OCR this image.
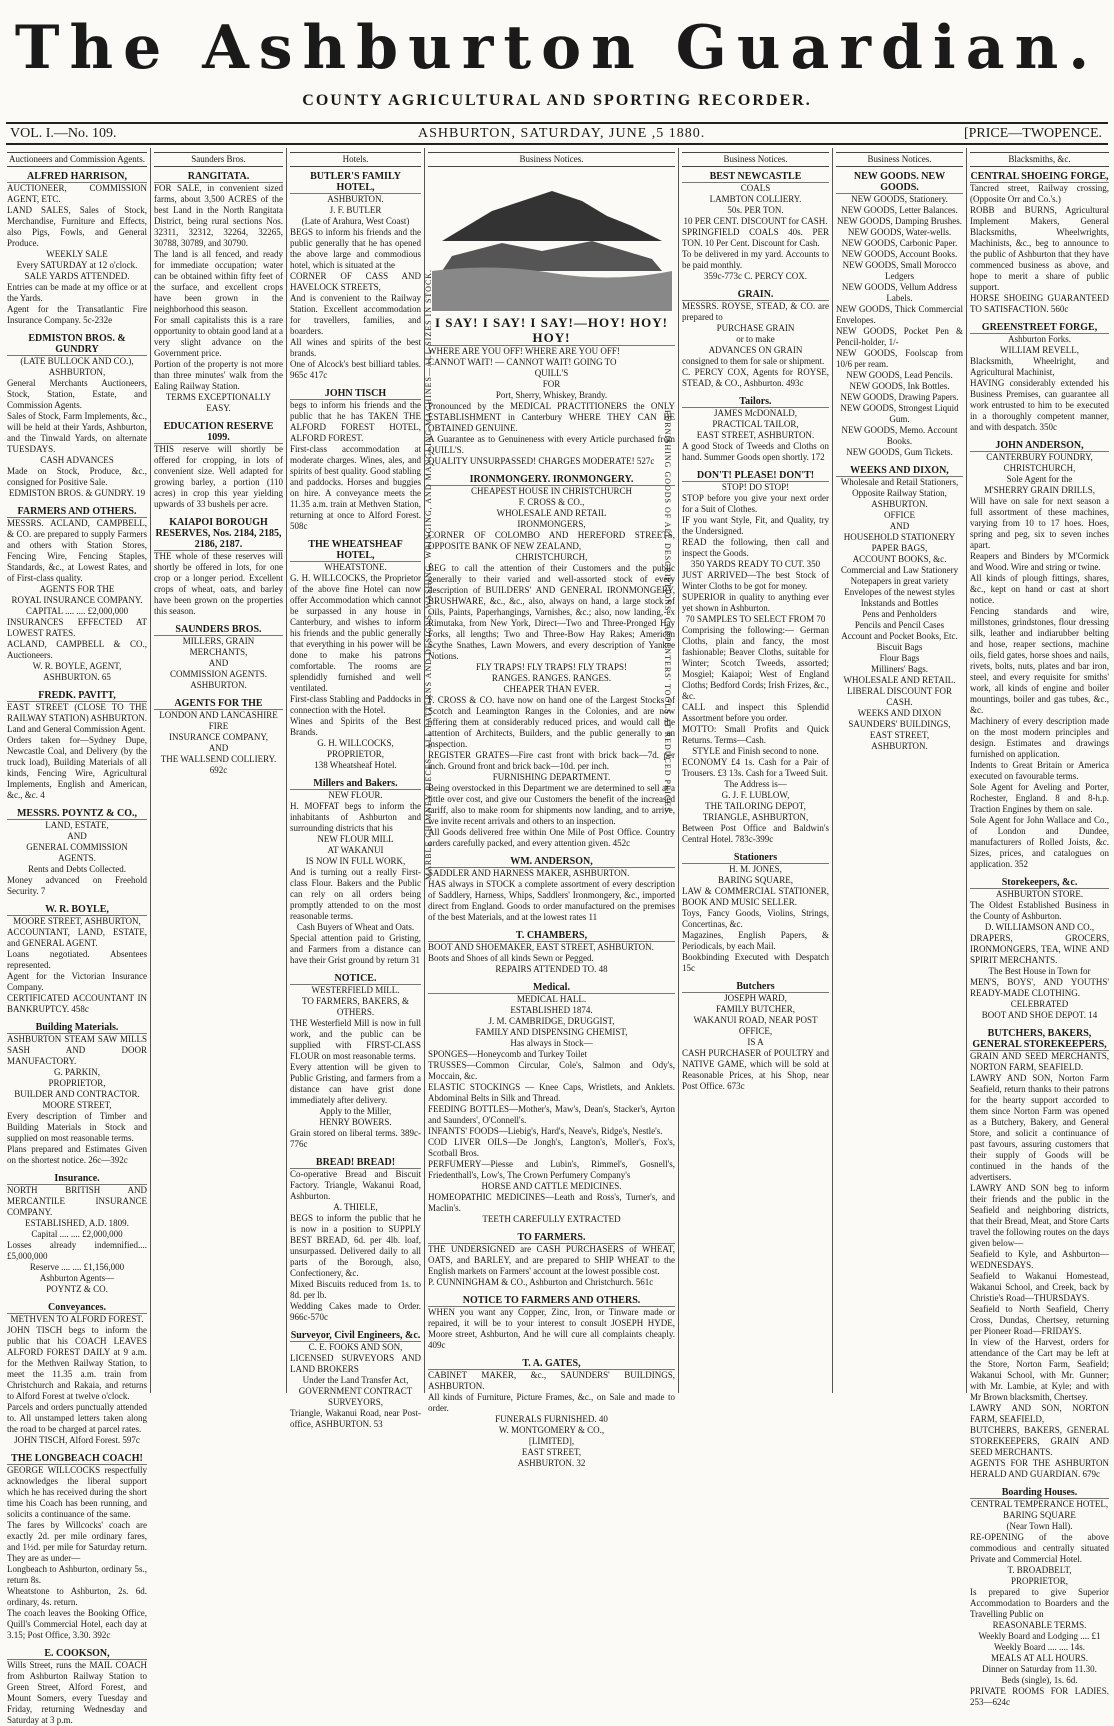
The Ashburton Guardian.
COUNTY AGRICULTURAL AND SPORTING RECORDER.
VOL. I.—No. 109.	ASHBURTON, SATURDAY, JUNE ,5 1880.	[PRICE—TWOPENCE.
Auctioneers and Commission Agents.
ALFRED HARRISON,

AUCTIONEER, COMMISSION AGENT, ETC.

LAND SALES, Sales of Stock, Merchandise, Furniture and Effects, also Pigs, Fowls, and General Produce.

WEEKLY SALE

Every SATURDAY at 12 o'clock.

SALE YARDS ATTENDED.

Entries can be made at my office or at the Yards.

Agent for the Transatlantic Fire Insurance Company. 5c-232e

EDMISTON BROS. & GUNDRY

(LATE BULLOCK AND CO.),

ASHBURTON,

General Merchants Auctioneers, Stock, Station, Estate, and Commission Agents.

Sales of Stock, Farm Implements, &c., will be held at their Yards, Ashburton, and the Tinwald Yards, on alternate TUESDAYS.

CASH ADVANCES

Made on Stock, Produce, &c., consigned for Positive Sale.

EDMISTON BROS. & GUNDRY. 19

FARMERS AND OTHERS.

MESSRS. ACLAND, CAMPBELL, & CO. are prepared to supply Farmers and others with Station Stores, Fencing Wire, Fencing Staples, Standards, &c., at Lowest Rates, and of First-class quality.

AGENTS FOR THE

ROYAL INSURANCE COMPANY.

CAPITAL .... .... £2,000,000

INSURANCES EFFECTED AT LOWEST RATES.

ACLAND, CAMPBELL & CO., Auctioneers.

W. R. BOYLE, AGENT, ASHBURTON. 65

FREDK. PAVITT,

EAST STREET (CLOSE TO THE RAILWAY STATION) ASHBURTON.

Land and General Commission Agent.

Orders taken for—Sydney Dupe, Newcastle Coal, and Delivery (by the truck load), Building Materials of all kinds, Fencing Wire, Agricultural Implements, English and American, &c., &c. 4

MESSRS. POYNTZ & CO.,

LAND, ESTATE,

AND

GENERAL COMMISSION AGENTS.

Rents and Debts Collected.

Money advanced on Freehold Security. 7

W. R. BOYLE,

MOORE STREET, ASHBURTON,

ACCOUNTANT, LAND, ESTATE, and GENERAL AGENT.

Loans negotiated. Absentees represented.

Agent for the Victorian Insurance Company.

CERTIFICATED ACCOUNTANT IN BANKRUPTCY. 458c

Building Materials.

ASHBURTON STEAM SAW MILLS SASH AND DOOR MANUFACTORY.

G. PARKIN,

PROPRIETOR,

BUILDER AND CONTRACTOR.

MOORE STREET,

Every description of Timber and Building Materials in Stock and supplied on most reasonable terms.

Plans prepared and Estimates Given on the shortest notice. 26c—392c

Insurance.

NORTH BRITISH AND MERCANTILE INSURANCE COMPANY.

ESTABLISHED, A.D. 1809.

Capital .... .... £2,000,000

Losses already indemnified.... £5,000,000

Reserve .... .... £1,156,000

Ashburton Agents—

POYNTZ & CO.

Conveyances.

METHVEN TO ALFORD FOREST.

JOHN TISCH begs to inform the public that his COACH LEAVES ALFORD FOREST DAILY at 9 a.m. for the Methven Railway Station, to meet the 11.35 a.m. train from Christchurch and Rakaia, and returns to Alford Forest at twelve o'clock.

Parcels and orders punctually attended to. All unstamped letters taken along the road to be charged at parcel rates.

JOHN TISCH, Alford Forest. 597c

THE LONGBEACH COACH!

GEORGE WILLCOCKS respectfully acknowledges the liberal support which he has received during the short time his Coach has been running, and solicits a continuance of the same.

The fares by Willcocks' coach are exactly 2d. per mile ordinary fares, and 1½d. per mile for Saturday return. They are as under—

Longbeach to Ashburton, ordinary 5s., return 8s.

Wheatstone to Ashburton, 2s. 6d. ordinary, 4s. return.

The coach leaves the Booking Office, Quill's Commercial Hotel, each day at 3.15; Post Office, 3.30. 392c

E. COOKSON,

Wills Street, runs the MAIL COACH from Ashburton Railway Station to Green Street, Alford Forest, and Mount Somers, every Tuesday and Friday, returning Wednesday and Saturday at 3 p.m.

Saunders Bros.
RANGITATA.

FOR SALE, in convenient sized farms, about 3,500 ACRES of the best Land in the North Rangitata District, being rural sections Nos. 32311, 32312, 32264, 32265, 30788, 30789, and 30790.

The land is all fenced, and ready for immediate occupation; water can be obtained within fifty feet of the surface, and excellent crops have been grown in the neighborhood this season.

For small capitalists this is a rare opportunity to obtain good land at a very slight advance on the Government price.

Portion of the property is not more than three minutes' walk from the Ealing Railway Station.

TERMS EXCEPTIONALLY EASY.

EDUCATION RESERVE 1099.

THIS reserve will shortly be offered for cropping, in lots of convenient size. Well adapted for growing barley, a portion (110 acres) in crop this year yielding upwards of 33 bushels per acre.

KAIAPOI BOROUGH RESERVES, Nos. 2184, 2185, 2186, 2187.

THE whole of these reserves will shortly be offered in lots, for one crop or a longer period. Excellent crops of wheat, oats, and barley have been grown on the properties this season.

SAUNDERS BROS.

MILLERS, GRAIN MERCHANTS,

AND

COMMISSION AGENTS.

ASHBURTON.

AGENTS FOR THE

LONDON AND LANCASHIRE FIRE

INSURANCE COMPANY,

AND

THE WALLSEND COLLIERY. 692c

Hotels.
BUTLER'S FAMILY HOTEL,

ASHBURTON.

J. F. BUTLER

(Late of Arahura, West Coast)

BEGS to inform his friends and the public generally that he has opened the above large and commodious hotel, which is situated at the

CORNER OF CASS AND HAVELOCK STREETS,

And is convenient to the Railway Station. Excellent accommodation for travellers, families, and boarders.

All wines and spirits of the best brands.

One of Alcock's best billiard tables. 965c 417c

JOHN TISCH

begs to inform his friends and the public that he has TAKEN THE ALFORD FOREST HOTEL, ALFORD FOREST.

First-class accommodation at moderate charges. Wines, ales, and spirits of best quality. Good stabling and paddocks. Horses and buggies on hire. A conveyance meets the 11.35 a.m. train at Methven Station, returning at once to Alford Forest. 508c

THE WHEATSHEAF HOTEL,

WHEATSTONE.

G. H. WILLCOCKS, the Proprietor of the above fine Hotel can now offer Accommodation which cannot be surpassed in any house in Canterbury, and wishes to inform his friends and the public generally that everything in his power will be done to make his patrons comfortable. The rooms are splendidly furnished and well ventilated.

First-class Stabling and Paddocks in connection with the Hotel.

Wines and Spirits of the Best Brands.

G. H. WILLCOCKS, PROPRIETOR,

138 Wheatsheaf Hotel.

Millers and Bakers.

NEW FLOUR.

H. MOFFAT begs to inform the inhabitants of Ashburton and surrounding districts that his

NEW FLOUR MILL

AT WAKANUI

IS NOW IN FULL WORK,

And is turning out a really First-class Flour. Bakers and the Public can rely on all orders being promptly attended to on the most reasonable terms.

Cash Buyers of Wheat and Oats.

Special attention paid to Gristing, and Farmers from a distance can have their Grist ground by return 31

NOTICE.

WESTERFIELD MILL.

TO FARMERS, BAKERS, & OTHERS.

THE Westerfield Mill is now in full work, and the public can be supplied with FIRST-CLASS FLOUR on most reasonable terms.

Every attention will be given to Public Gristing, and farmers from a distance can have grist done immediately after delivery.

Apply to the Miller,

HENRY BOWERS.

Grain stored on liberal terms. 389c-776c

BREAD! BREAD!

Co-operative Bread and Biscuit Factory. Triangle, Wakanui Road, Ashburton.

A. THIELE,

BEGS to inform the public that he is now in a position to SUPPLY BEST BREAD, 6d. per 4lb. loaf, unsurpassed. Delivered daily to all parts of the Borough, also, Confectionery, &c.

Mixed Biscuits reduced from 1s. to 8d. per lb.

Wedding Cakes made to Order. 966c-570c

Surveyor, Civil Engineers, &c.

C. E. FOOKS AND SON,

LICENSED SURVEYORS AND LAND BROKERS

Under the Land Transfer Act,

GOVERNMENT CONTRACT SURVEYORS,

Triangle, Wakanui Road, near Post-office, ASHBURTON. 53

Business Notices.
I SAY! I SAY! I SAY!—HOY! HOY! HOY!

WHERE ARE YOU OFF! WHERE ARE YOU OFF!

CANNOT WAIT! — CANNOT WAIT! GOING TO

QUILL'S

FOR

Port, Sherry, Whiskey, Brandy.

Pronounced by the MEDICAL PRACTITIONERS the ONLY ESTABLISHMENT in Canterbury WHERE THEY CAN BE OBTAINED GENUINE.

A Guarantee as to Genuineness with every Article purchased from QUILL'S.

QUALITY UNSURPASSED! CHARGES MODERATE! 527c

IRONMONGERY. IRONMONGERY.

CHEAPEST HOUSE IN CHRISTCHURCH

F. CROSS & CO.,

WHOLESALE AND RETAIL

IRONMONGERS,

CORNER OF COLOMBO AND HEREFORD STREETS, OPPOSITE BANK OF NEW ZEALAND,

CHRISTCHURCH,

BEG to call the attention of their Customers and the public generally to their varied and well-assorted stock of every description of BUILDERS' AND GENERAL IRONMONGERY, BRUSHWARE, &c., &c., also, always on hand, a large stock of Oils, Paints, Paperhangings, Varnishes, &c.; also, now landing, ex Rimutaka, from New York, Direct—Two and Three-Pronged Hay Forks, all lengths; Two and Three-Bow Hay Rakes; American Scythe Snathes, Lawn Mowers, and every description of Yankee Notions.

FLY TRAPS! FLY TRAPS! FLY TRAPS!

RANGES. RANGES. RANGES.

CHEAPER THAN EVER.

F. CROSS & CO. have now on hand one of the Largest Stocks of Scotch and Leamington Ranges in the Colonies, and are now offering them at considerably reduced prices, and would call the attention of Architects, Builders, and the public generally to an inspection.

REGISTER GRATES—Fire cast front with brick back—7d. per inch. Ground front and brick back—10d. per inch.

FURNISHING DEPARTMENT.

Being overstocked in this Department we are determined to sell at a little over cost, and give our Customers the benefit of the increased tariff, also to make room for shipments now landing, and to arrive, we invite recent arrivals and others to an inspection.

All Goods delivered free within One Mile of Post Office. Country orders carefully packed, and every attention given. 452c

WM. ANDERSON,

SADDLER AND HARNESS MAKER, ASHBURTON.

HAS always in STOCK a complete assortment of every description of Saddlery, Harness, Whips, Saddlers' Ironmongery, &c., imported direct from England. Goods to order manufactured on the premises of the best Materials, and at the lowest rates 11

T. CHAMBERS,

BOOT AND SHOEMAKER, EAST STREET, ASHBURTON.

Boots and Shoes of all kinds Sewn or Pegged.

REPAIRS ATTENDED TO. 48

Medical.

MEDICAL HALL.

ESTABLISHED 1874.

J. M. CAMBRIDGE, DRUGGIST,

FAMILY AND DISPENSING CHEMIST,

Has always in Stock—

SPONGES—Honeycomb and Turkey Toilet

TRUSSES—Common Circular, Cole's, Salmon and Ody's, Moccain, &c.

ELASTIC STOCKINGS — Knee Caps, Wristlets, and Anklets. Abdominal Belts in Silk and Thread.

FEEDING BOTTLES—Mother's, Maw's, Dean's, Stacker's, Ayrton and Saunders', O'Connell's.

INFANTS' FOODS—Liebig's, Hard's, Neave's, Ridge's, Nestle's.

COD LIVER OILS—De Jongh's, Langton's, Moller's, Fox's, Scotball Bros.

PERFUMERY—Piesse and Lubin's, Rimmel's, Gosnell's, Friedenthall's, Low's, The Crown Perfumery Company's

HORSE AND CATTLE MEDICINES.

HOMEOPATHIC MEDICINES—Leath and Ross's, Turner's, and Maclin's.

TEETH CAREFULLY EXTRACTED

TO FARMERS.

THE UNDERSIGNED are CASH PURCHASERS of WHEAT, OATS, and BARLEY, and are prepared to SHIP WHEAT to the English markets on Farmers' account at the lowest possible cost.

P. CUNNINGHAM & CO., Ashburton and Christchurch. 561c

NOTICE TO FARMERS AND OTHERS.

WHEN you want any Copper, Zinc, Iron, or Tinware made or repaired, it will be to your interest to consult JOSEPH HYDE, Moore street, Ashburton, And he will cure all complaints cheaply. 409c

T. A. GATES,

CABINET MAKER, &c., SAUNDERS' BUILDINGS, ASHBURTON.

All kinds of Furniture, Picture Frames, &c., on Sale and made to order.

FUNERALS FURNISHED. 40

W. MONTGOMERY & CO.,

[LIMITED],

EAST STREET,

ASHBURTON. 32

Business Notices.
BEST NEWCASTLE

COALS

LAMBTON COLLIERY.

50s. PER TON.

10 PER CENT. DISCOUNT for CASH.

SPRINGFIELD COALS 40s. PER TON. 10 Per Cent. Discount for Cash.

To be delivered in my yard. Accounts to be paid monthly.

359c-773c C. PERCY COX.

GRAIN.

MESSRS. ROYSE, STEAD, & CO. are prepared to

PURCHASE GRAIN

or to make

ADVANCES ON GRAIN

consigned to them for sale or shipment.

C. PERCY COX, Agents for ROYSE, STEAD, & CO., Ashburton. 493c

Tailors.

JAMES McDONALD,

PRACTICAL TAILOR,

EAST STREET, ASHBURTON.

A good Stock of Tweeds and Cloths on hand. Summer Goods open shortly. 172

DON'T! PLEASE! DON'T!

STOP! DO STOP!

STOP before you give your next order for a Suit of Clothes.

IF you want Style, Fit, and Quality, try the Undersigned.

READ the following, then call and inspect the Goods.

350 YARDS READY TO CUT. 350

JUST ARRIVED—The best Stock of Winter Cloths to be got for money.

SUPERIOR in quality to anything ever yet shown in Ashburton.

70 SAMPLES TO SELECT FROM 70

Comprising the following:— German Cloths, plain and fancy, the most fashionable; Beaver Cloths, suitable for Winter; Scotch Tweeds, assorted; Mosgiel; Kaiapoi; West of England Cloths; Bedford Cords; Irish Frizes, &c., &c.

CALL and inspect this Splendid Assortment before you order.

MOTTO: Small Profits and Quick Returns. Terms—Cash.

STYLE and Finish second to none.

ECONOMY £4 1s. Cash for a Pair of Trousers. £3 13s. Cash for a Tweed Suit.

The Address is—

G. J. F. LUBLOW,

THE TAILORING DEPOT,

TRIANGLE, ASHBURTON,

Between Post Office and Baldwin's Central Hotel. 783c-399c

Stationers

H. M. JONES,

BARING SQUARE,

LAW & COMMERCIAL STATIONER, BOOK AND MUSIC SELLER.

Toys, Fancy Goods, Violins, Strings, Concertinas, &c.

Magazines, English Papers, & Periodicals, by each Mail.

Bookbinding Executed with Despatch 15c

Butchers

JOSEPH WARD,

FAMILY BUTCHER,

WAKANUI ROAD, NEAR POST OFFICE,

IS A

CASH PURCHASER of POULTRY and NATIVE GAME, which will be sold at Reasonable Prices, at his Shop, near Post Office. 673c

Business Notices.
NEW GOODS. NEW GOODS.

NEW GOODS, Stationery.

NEW GOODS, Letter Balances.

NEW GOODS, Damping Brushes.

NEW GOODS, Water-wells.

NEW GOODS, Carbonic Paper.

NEW GOODS, Account Books.

NEW GOODS, Small Morocco Ledgers

NEW GOODS, Vellum Address Labels.

NEW GOODS, Thick Commercial Envelopes.

NEW GOODS, Pocket Pen & Pencil-holder, 1/-

NEW GOODS, Foolscap from 10/6 per ream.

NEW GOODS, Lead Pencils.

NEW GOODS, Ink Bottles.

NEW GOODS, Drawing Papers.

NEW GOODS, Strongest Liquid Gum.

NEW GOODS, Memo. Account Books.

NEW GOODS, Gum Tickets.

WEEKS AND DIXON,

Wholesale and Retail Stationers,

Opposite Railway Station,

ASHBURTON.

OFFICE

AND

HOUSEHOLD STATIONERY

PAPER BAGS,

ACCOUNT BOOKS, &c.

Commercial and Law Stationery

Notepapers in great variety

Envelopes of the newest styles

Inkstands and Bottles

Pens and Penholders

Pencils and Pencil Cases

Account and Pocket Books, Etc.

Biscuit Bags

Flour Bags

Milliners' Bags.

WHOLESALE AND RETAIL.

LIBERAL DISCOUNT FOR CASH.

WEEKS AND DIXON

SAUNDERS' BUILDINGS,

EAST STREET,

ASHBURTON.

Blacksmiths, &c.
CENTRAL SHOEING FORGE,

Tancred street, Railway crossing, (Opposite Orr and Co.'s.)

ROBB and BURNS, Agricultural Implement Makers, General Blacksmiths, Wheelwrights, Machinists, &c., beg to announce to the public of Ashburton that they have commenced business as above, and hope to merit a share of public support.

HORSE SHOEING GUARANTEED TO SATISFACTION. 560c

GREENSTREET FORGE,

Ashburton Forks.

WILLIAM REVELL,

Blacksmith, Wheelright, and Agricultural Machinist,

HAVING considerably extended his Business Premises, can guarantee all work entrusted to him to be executed in a thoroughly competent manner, and with despatch. 350c

JOHN ANDERSON,

CANTERBURY FOUNDRY, CHRISTCHURCH,

Sole Agent for the

M'SHERRY GRAIN DRILLS,

Will have on sale for next season a full assortment of these machines, varying from 10 to 17 hoes. Hoes, spring and peg, six to seven inches apart.

Reapers and Binders by M'Cormick and Wood. Wire and string or twine.

All kinds of plough fittings, shares, &c., kept on hand or cast at short notice.

Fencing standards and wire, millstones, grindstones, flour dressing silk, leather and indiarubber belting and hose, reaper sections, machine oils, field gates, horse shoes and nails, rivets, bolts, nuts, plates and bar iron, steel, and every requisite for smiths' work, all kinds of engine and boiler mountings, boiler and gas tubes, &c., &c.

Machinery of every description made on the most modern principles and design. Estimates and drawings furnished on application.

Indents to Great Britain or America executed on favourable terms.

Sole Agent for Aveling and Porter, Rochester, England. 8 and 8-h.p. Traction Engines by them on sale.

Sole Agent for John Wallace and Co., of London and Dundee, manufacturers of Rolled Joists, &c. Sizes, prices, and catalogues on application. 352

Storekeepers, &c.

ASHBURTON STORE.

The Oldest Established Business in the County of Ashburton.

D. WILLIAMSON AND CO.,

DRAPERS, GROCERS, IRONMONGERS, TEA, WINE AND SPIRIT MERCHANTS.

The Best House in Town for

MEN'S, BOYS', AND YOUTHS' READY-MADE CLOTHING.

CELEBRATED

BOOT AND SHOE DEPOT. 14

BUTCHERS, BAKERS, GENERAL STOREKEEPERS,

GRAIN AND SEED MERCHANTS, NORTON FARM, SEAFIELD.

LAWRY AND SON, Norton Farm Seafield, return thanks to their patrons for the hearty support accorded to them since Norton Farm was opened as a Butchery, Bakery, and General Store, and solicit a continuance of past favours, assuring customers that their supply of Goods will be continued in the hands of the advertisers.

LAWRY AND SON beg to inform their friends and the public in the Seafield and neighboring districts, that their Bread, Meat, and Store Carts travel the following routes on the days given below—

Seafield to Kyle, and Ashburton—WEDNESDAYS.

Seafield to Wakanui Homestead, Wakanui School, and Creek, back by Christie's Road—THURSDAYS.

Seafield to North Seafield, Cherry Cross, Dundas, Chertsey, returning per Pioneer Road—FRIDAYS.

In view of the Harvest, orders for attendance of the Cart may be left at the Store, Norton Farm, Seafield; Wakanui School, with Mr. Gunner; with Mr. Lambie, at Kyle; and with Mr Brown blacksmith, Chertsey.

LAWRY AND SON, NORTON FARM, SEAFIELD,

BUTCHERS, BAKERS, GENERAL STOREKEEPERS, GRAIN AND SEED MERCHANTS.

AGENTS FOR THE ASHBURTON HERALD AND GUARDIAN. 679c

Boarding Houses.

CENTRAL TEMPERANCE HOTEL,

BARING SQUARE

(Near Town Hall).

RE-OPENING of the above commodious and centrally situated Private and Commercial Hotel.

T. BROADBELT,

PROPRIETOR,

Is prepared to give Superior Accommodation to Boarders and the Travelling Public on

REASONABLE TERMS.

Weekly Board and Lodging .... £1

Weekly Board .... .... 14s.

MEALS AT ALL HOURS.

Dinner on Saturday from 11.30.

Beds (single), 1s. 6d.

PRIVATE ROOMS FOR LADIES. 253—624c

MARBLE CHIMNEY PIECES—ALL PATTERNS AND DESIGNS, WASHING, WRINGING, AND MANGLING MACHINES—ALL SIZES IN STOCK.	FURNISHING GOODS OF ALL DESCRIPTIONS, CARPENTERS' TOOLS AT REDUCED PRICES.
